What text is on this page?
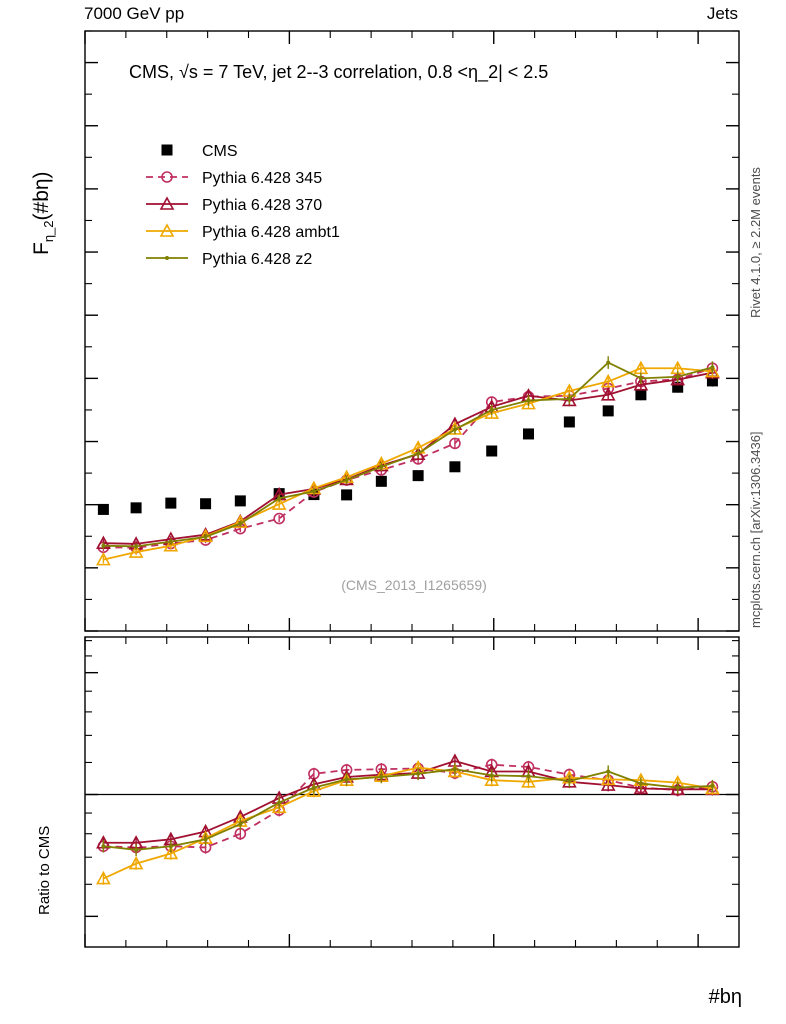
7000 GeV pp	Jets
$F_{\eta\_2}(\#b\eta)$
Ratio to CMS
#bη
Rivet 4.1.0, ≥ 2.2M events
mcplots.cern.ch [arXiv:1306.3436]
CMS, √s = 7 TeV, jet 2--3 correlation, 0.8 <η_2| < 2.5
(CMS_2013_I1265659)
CMS
Pythia 6.428 345
Pythia 6.428 370
Pythia 6.428 ambt1
Pythia 6.428 z2
